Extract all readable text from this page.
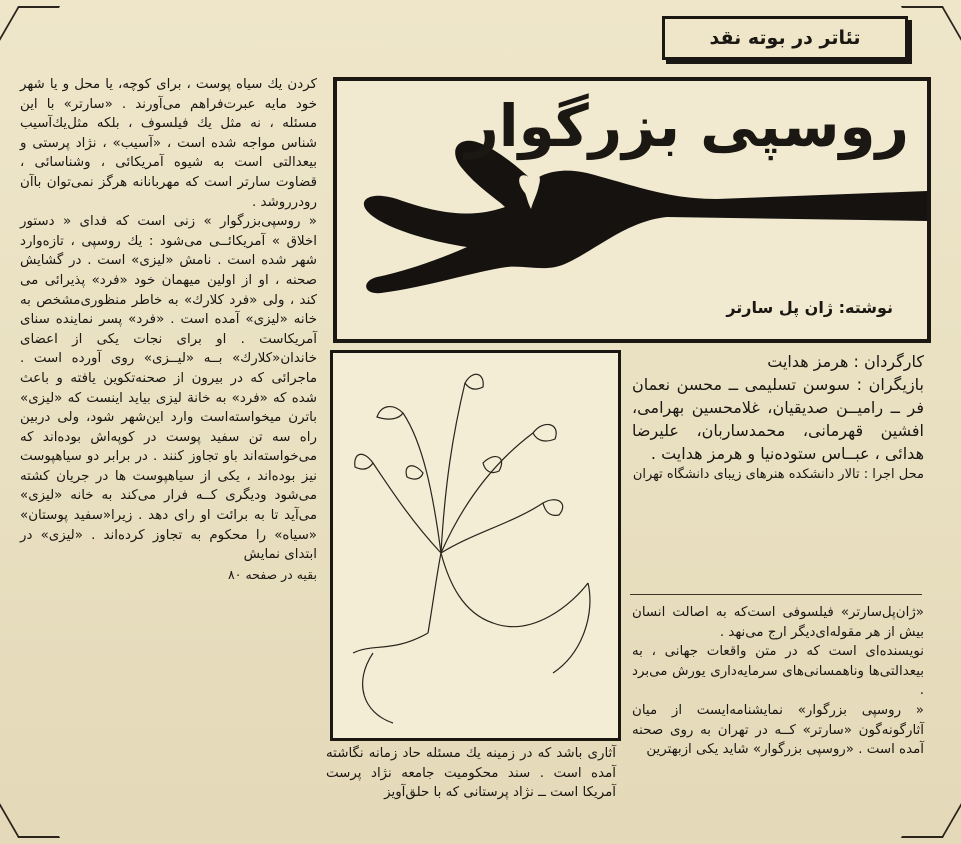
تئاتر در بوته نقد
روسپی بزرگوار
نوشته: ژان پل سارتر

کردن یك سیاه پوست ، برای کوچه، یا محل و یا شهر خود مایه عبرت‌فراهم می‌آورند . «سارتر» با این مسئله ، نه مثل یك فیلسوف ، بلکه مثل‌یك‌آسیب‌ شناس مواجه شده است ، «آسیب» ، نژاد پرستی و بیعدالتی است به شیوه آمریکائی ، وشناسائی ، قضاوت سارتر است که مهربانانه هرگز نمی‌توان باآن رودررو‌شد .

« روسپی‌بزرگوار » زنی است که فدای « دستور اخلاق » آمریکائــی می‌شود : یك روسپی ، تازه‌وارد شهر شده است . نامش «لیزی» است . در گشایش صحنه ، او از اولین میهمان خود «فرد» پذیرائی می کند ، ولی «فرد کلارك» به خاطر منظوری‌مشخص به خانه «لیزی» آمده است . «فرد» پسر نماینده سنای آمریکاست . او برای نجات یکی از اعضای خاندان«کلارك» بــه «لیــزی» روی آورده است . ماجرائی که در بیرون از صحنه‌تکوین یافته و باعث شده که «فرد» به خانة لیزی بیاید اینست که «لیزی» باترن میخواسته‌است وارد این‌شهر شود، ولی دربین راه سه تن سفید پوست در کوپه‌اش بوده‌اند که می‌خواسته‌اند باو تجاوز کنند . در برابر دو سیاهپوست نیز بوده‌اند ، یکی از سیاهپوست ها در جریان کشته می‌شود ودیگری کــه فرار می‌کند به خانه «لیزی» می‌آید تا به برائت او رای دهد . زیرا«سفید پوستان» «سیاه» را محکوم به تجاوز کرده‌اند . «لیزی» در ابتدای نمایش

بقیه در صفحه ۸۰

کارگردان : هرمز هدایت

بازیگران : سوسن تسلیمی ــ محسن نعمان فر ــ رامیــن صدیقیان، غلامحسین بهرامی، افشین قهرمانی، محمدساربان، علیرضا هدائی ، عبــاس ستوده‌نیا و هرمز هدایت .

محل اجرا : تالار دانشکده هنرهای زیبای دانشگاه تهران

«ژان‌پل‌سارتر» فیلسوفی است‌که به اصالت انسان بیش از هر مقوله‌ای‌دیگر ارج می‌نهد .

نویسنده‌ای است که در متن واقعات جهانی ، به بیعدالتی‌ها وناهمسانی‌های سرمایه‌داری یورش می‌برد .

« روسپی بزرگوار» نمایشنامه‌ایست از میان آثارگونه‌گون «سارتر» کــه در تهران به روی صحنه آمده است . «روسپی بزرگوار» شاید یکی ازبهترین

آثاری باشد که در زمینه یك مسئله حاد زمانه نگاشته آمده است . سند محکومیت جامعه نژاد پرست آمریکا است ــ نژاد پرستانی که با حلق‌آویز
